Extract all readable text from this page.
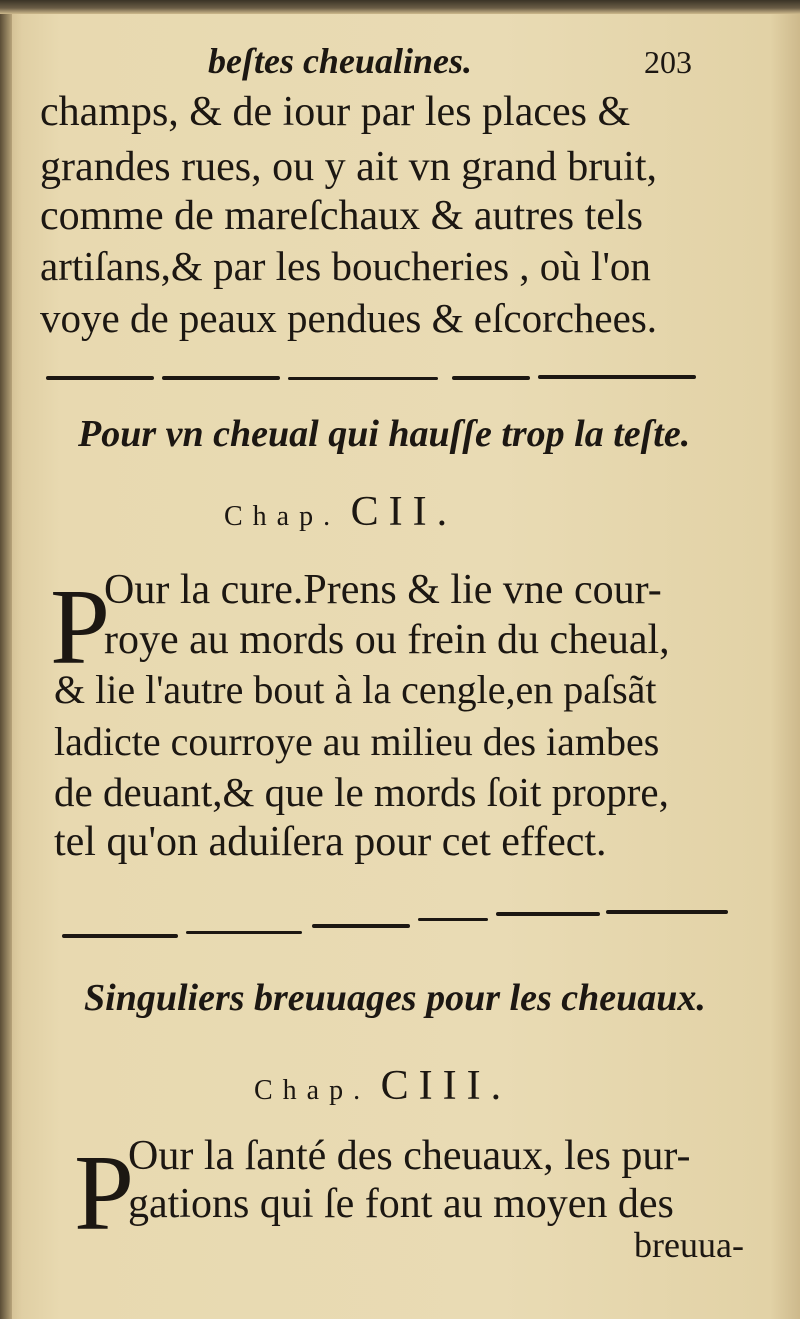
beſtes cheualines.	203
champs, & de iour par les places &
grandes rues, ou y ait vn grand bruit,
comme de mareſchaux & autres tels
artiſans,& par les boucheries , où l'on
voye de peaux pendues & eſcorchees.
Pour vn cheual qui hauſſe trop la teſte.
Chap. CII.
P
Our la cure.Prens & lie vne cour-
roye au mords ou frein du cheual,
& lie l'autre bout à la cengle,en paſsãt
ladicte courroye au milieu des iambes
de deuant,& que le mords ſoit propre,
tel qu'on aduiſera pour cet effect.
Singuliers breuuages pour les cheuaux.
Chap. CIII.
P
Our la ſanté des cheuaux, les pur-
gations qui ſe font au moyen des
breuua-
